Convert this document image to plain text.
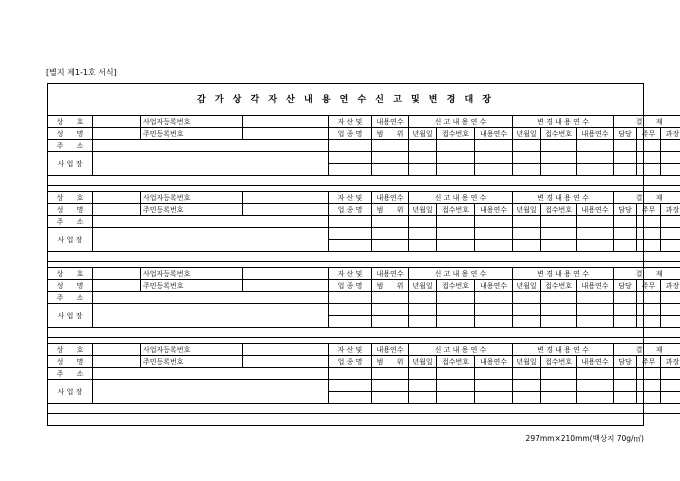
[별지 제1-1호 서식]
감 가 상 각 자 산 내 용 연 수 신 고 및 변 경 대 장
상      호		사업자등록번호		자 산 및	내용연수	신 고 내 용 연 수			변 경 내 용 연 수			결      재		
성      명		주민등록번호		업 종 명	범      위	년월일	접수번호	내용연수	년월일	접수번호	내용연수	담당	주무	과장
주      소														
사 업 장														

상      호		사업자등록번호		자 산 및	내용연수	신 고 내 용 연 수			변 경 내 용 연 수			결      재		
성      명		주민등록번호		업 종 명	범      위	년월일	접수번호	내용연수	년월일	접수번호	내용연수	담당	주무	과장
주      소														
사 업 장														

상      호		사업자등록번호		자 산 및	내용연수	신 고 내 용 연 수			변 경 내 용 연 수			결      재		
성      명		주민등록번호		업 종 명	범      위	년월일	접수번호	내용연수	년월일	접수번호	내용연수	담당	주무	과장
주      소														
사 업 장														

상      호		사업자등록번호		자 산 및	내용연수	신 고 내 용 연 수			변 경 내 용 연 수			결      재		
성      명		주민등록번호		업 종 명	범      위	년월일	접수번호	내용연수	년월일	접수번호	내용연수	담당	주무	과장
주      소														
사 업 장														

297mm×210mm(백상지 70g/㎡)
